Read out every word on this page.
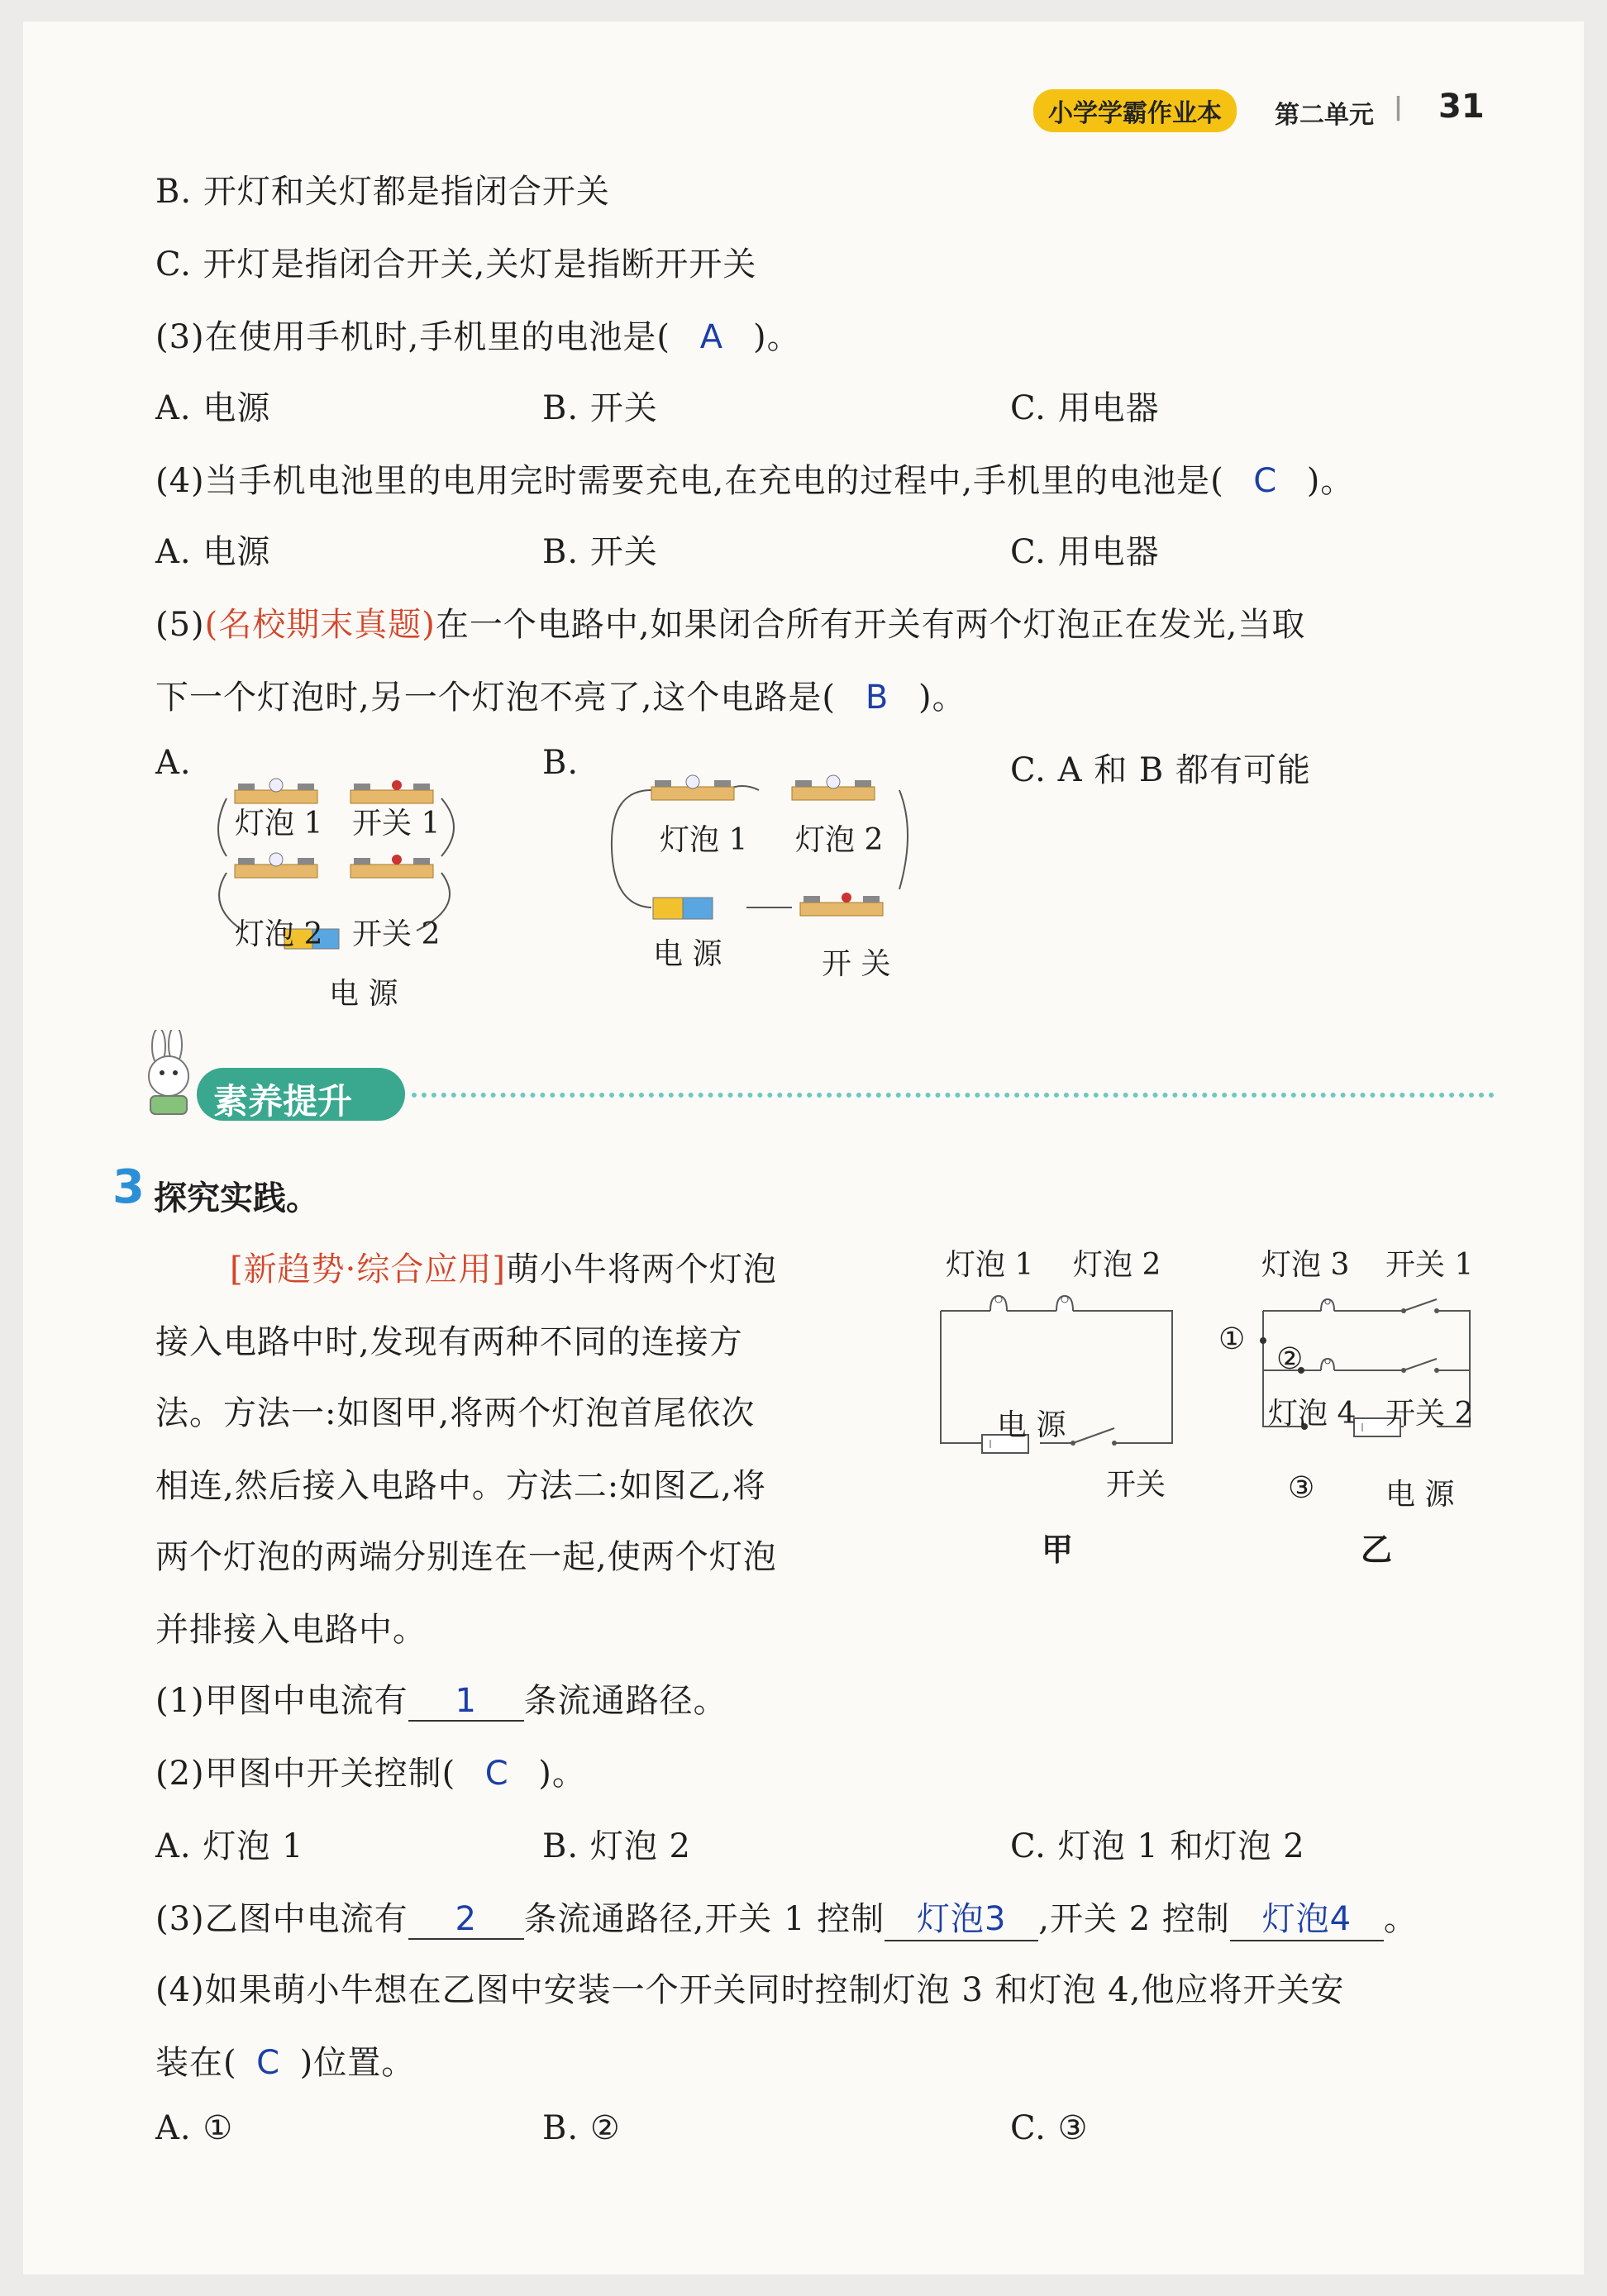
小学学霸作业本	第二单元 | 31
B. 开灯和关灯都是指闭合开关
C. 开灯是指闭合开关,关灯是指断开开关
(3)在使用手机时,手机里的电池是( A )。
A. 电源	B. 开关	C. 用电器
(4)当手机电池里的电用完时需要充电,在充电的过程中,手机里的电池是( C )。
A. 电源	B. 开关	C. 用电器
(5)(名校期末真题)在一个电路中,如果闭合所有开关有两个灯泡正在发光,当取
下一个灯泡时,另一个灯泡不亮了,这个电路是( B )。
A.	B.	C. A 和 B 都有可能
灯泡 1 开关 1
灯泡 2 开关 2
电 源
灯泡 1 灯泡 2
电 源	开 关
素养提升
3 探究实践。
[新趋势·综合应用]萌小牛将两个灯泡
接入电路中时,发现有两种不同的连接方
法。方法一:如图甲,将两个灯泡首尾依次
相连,然后接入电路中。方法二:如图乙,将
两个灯泡的两端分别连在一起,使两个灯泡
并排接入电路中。
灯泡 1 灯泡 2
电 源
开关
甲
灯泡 3 开关 1
①
②
灯泡 4 开关 2
③ 电 源
乙
(1)甲图中电流有 1 条流通路径。
(2)甲图中开关控制( C )。
A. 灯泡 1	B. 灯泡 2	C. 灯泡 1 和灯泡 2
(3)乙图中电流有 2 条流通路径,开关 1 控制 灯泡3 ,开关 2 控制 灯泡4 。
(4)如果萌小牛想在乙图中安装一个开关同时控制灯泡 3 和灯泡 4,他应将开关安
装在( C )位置。
A. ①	B. ②	C. ③
